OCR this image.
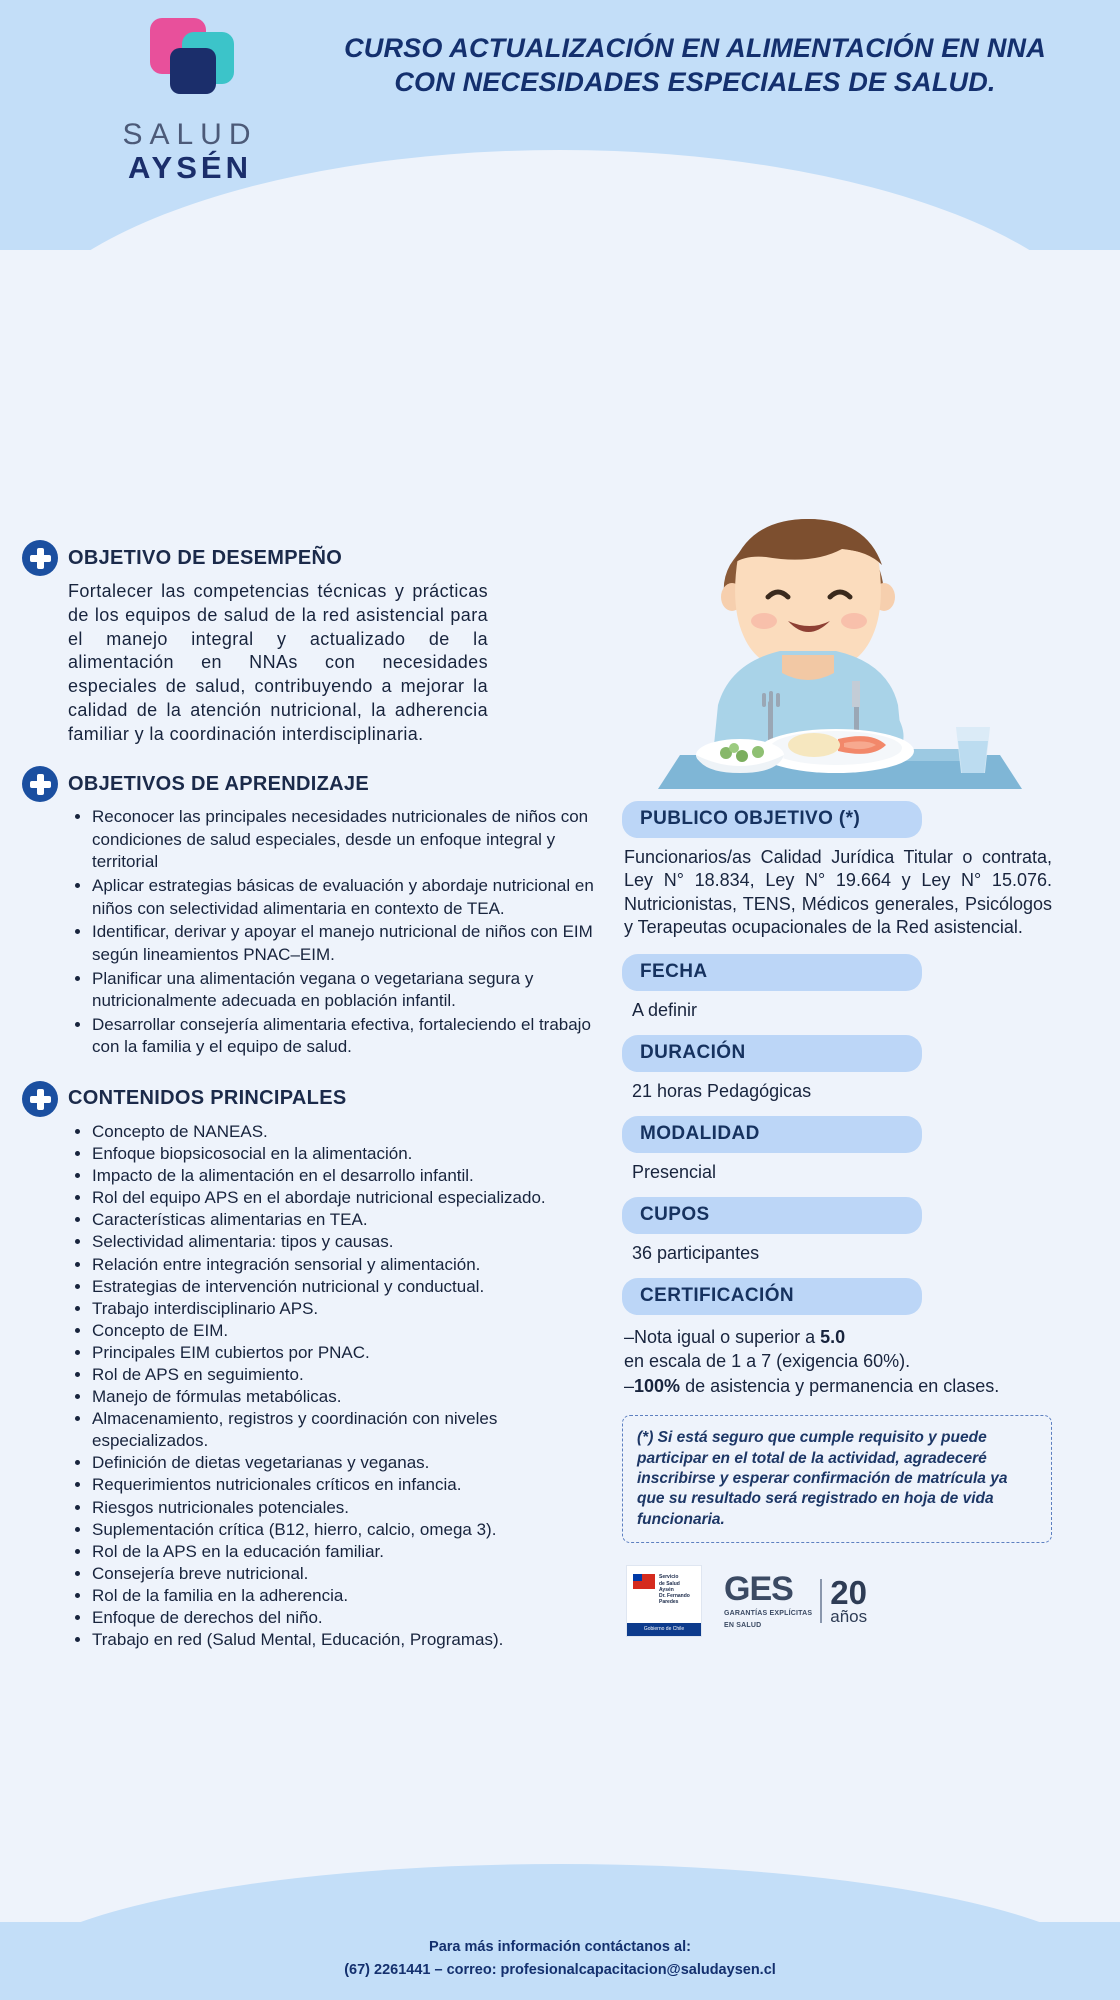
SALUD
AYSÉN
CURSO ACTUALIZACIÓN EN ALIMENTACIÓN EN NNA CON NECESIDADES ESPECIALES DE SALUD.
OBJETIVO DE DESEMPEÑO
Fortalecer las competencias técnicas y prácticas de los equipos de salud de la red asistencial para el manejo integral y actualizado de la alimentación en NNAs con necesidades especiales de salud, contribuyendo a mejorar la calidad de la atención nutricional, la adherencia familiar y la coordinación interdisciplinaria.
OBJETIVOS DE APRENDIZAJE
• Reconocer las principales necesidades nutricionales de niños con condiciones de salud especiales, desde un enfoque integral y territorial
• Aplicar estrategias básicas de evaluación y abordaje nutricional en niños con selectividad alimentaria en contexto de TEA.
• Identificar, derivar y apoyar el manejo nutricional de niños con EIM según lineamientos PNAC–EIM.
• Planificar una alimentación vegana o vegetariana segura y nutricionalmente adecuada en población infantil.
• Desarrollar consejería alimentaria efectiva, fortaleciendo el trabajo con la familia y el equipo de salud.
CONTENIDOS PRINCIPALES
• Concepto de NANEAS.
• Enfoque biopsicosocial en la alimentación.
• Impacto de la alimentación en el desarrollo infantil.
• Rol del equipo APS en el abordaje nutricional especializado.
• Características alimentarias en TEA.
• Selectividad alimentaria: tipos y causas.
• Relación entre integración sensorial y alimentación.
• Estrategias de intervención nutricional y conductual.
• Trabajo interdisciplinario APS.
• Concepto de EIM.
• Principales EIM cubiertos por PNAC.
• Rol de APS en seguimiento.
• Manejo de fórmulas metabólicas.
• Almacenamiento, registros y coordinación con niveles especializados.
• Definición de dietas vegetarianas y veganas.
• Requerimientos nutricionales críticos en infancia.
• Riesgos nutricionales potenciales.
• Suplementación crítica (B12, hierro, calcio, omega 3).
• Rol de la APS en la educación familiar.
• Consejería breve nutricional.
• Rol de la familia en la adherencia.
• Enfoque de derechos del niño.
• Trabajo en red (Salud Mental, Educación, Programas).
PUBLICO OBJETIVO (*)
Funcionarios/as Calidad Jurídica Titular o contrata, Ley N° 18.834, Ley N° 19.664 y Ley N° 15.076. Nutricionistas, TENS, Médicos generales, Psicólogos y Terapeutas ocupacionales de la Red asistencial.
FECHA
A definir
DURACIÓN
21 horas Pedagógicas
MODALIDAD
Presencial
CUPOS
36 participantes
CERTIFICACIÓN
–Nota igual o superior a 5.0
en escala de 1 a 7 (exigencia 60%).
–100% de asistencia y permanencia en clases.
(*) Si está seguro que cumple requisito y puede participar en el total de la actividad, agradeceré inscribirse y esperar confirmación de matrícula ya que su resultado será registrado en hoja de vida funcionaria.
Servicio
de Salud
Aysén
Dr. Fernando Paredes
Gobierno de Chile
GES
GARANTÍAS EXPLÍCITAS
EN SALUD
20
años
Para más información contáctanos al:
(67) 2261441 – correo: profesionalcapacitacion@saludaysen.cl
